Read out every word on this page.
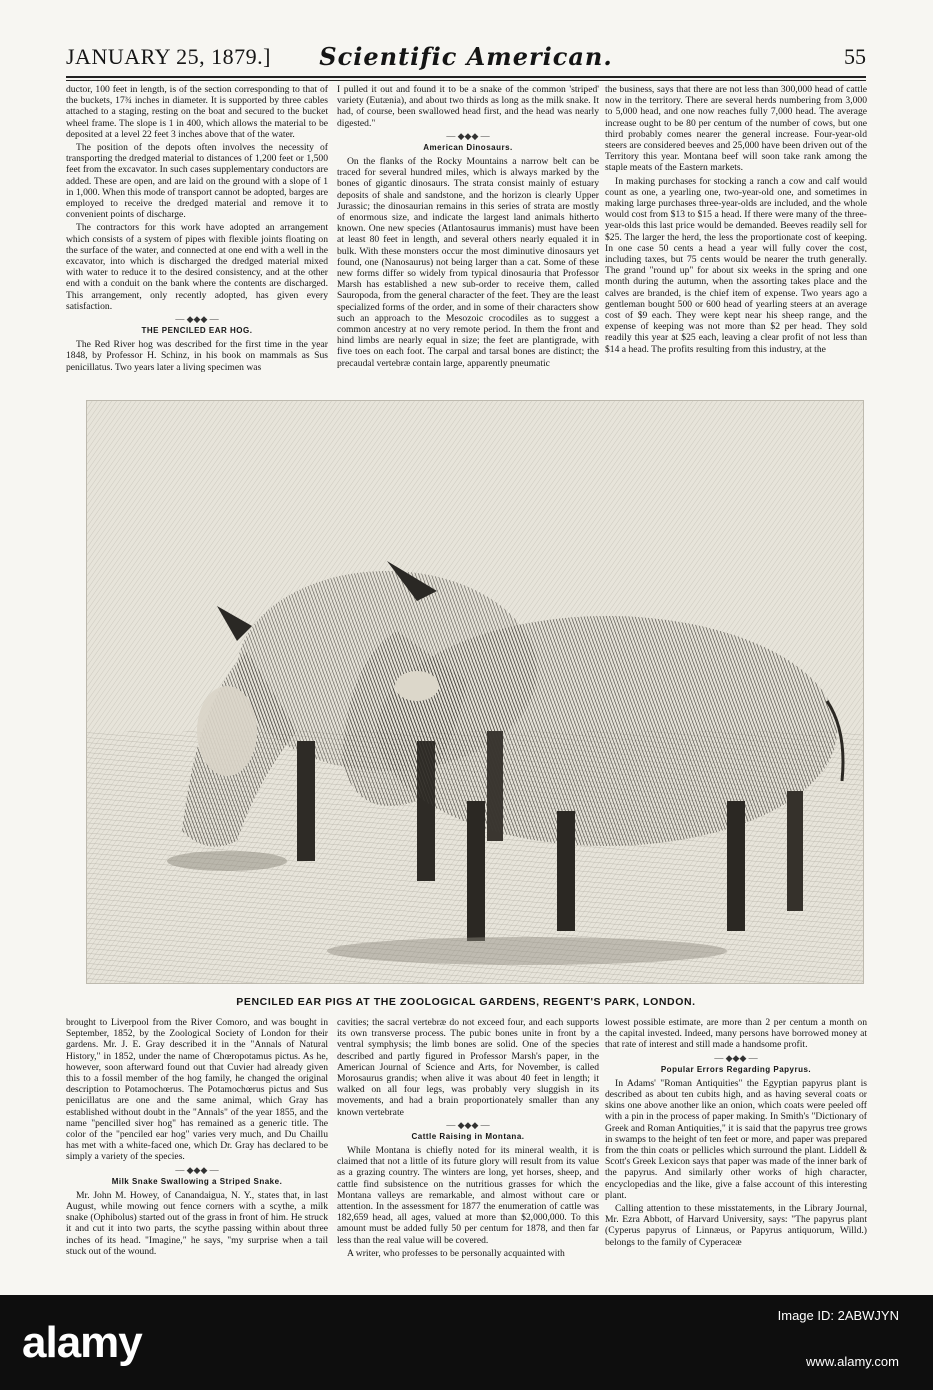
JANUARY 25, 1879.]	Scientific American.	55

ductor, 100 feet in length, is of the section corresponding to that of the buckets, 17¾ inches in diameter. It is supported by three cables attached to a staging, resting on the boat and secured to the bucket wheel frame. The slope is 1 in 400, which allows the material to be deposited at a level 22 feet 3 inches above that of the water.

The position of the depots often involves the necessity of transporting the dredged material to distances of 1,200 feet or 1,500 feet from the excavator. In such cases supplementary conductors are added. These are open, and are laid on the ground with a slope of 1 in 1,000. When this mode of transport cannot be adopted, barges are employed to receive the dredged material and remove it to convenient points of discharge.

The contractors for this work have adopted an arrangement which consists of a system of pipes with flexible joints floating on the surface of the water, and connected at one end with a well in the excavator, into which is discharged the dredged material mixed with water to reduce it to the desired consistency, and at the other end with a conduit on the bank where the contents are discharged. This arrangement, only recently adopted, has given every satisfaction.

— ◆◆◆ —
THE PENCILED EAR HOG.

The Red River hog was described for the first time in the year 1848, by Professor H. Schinz, in his book on mammals as Sus penicillatus. Two years later a living specimen was

I pulled it out and found it to be a snake of the common 'striped' variety (Eutænia), and about two thirds as long as the milk snake. It had, of course, been swallowed head first, and the head was nearly digested."

— ◆◆◆ —
American Dinosaurs.

On the flanks of the Rocky Mountains a narrow belt can be traced for several hundred miles, which is always marked by the bones of gigantic dinosaurs. The strata consist mainly of estuary deposits of shale and sandstone, and the horizon is clearly Upper Jurassic; the dinosaurian remains in this series of strata are mostly of enormous size, and indicate the largest land animals hitherto known. One new species (Atlantosaurus immanis) must have been at least 80 feet in length, and several others nearly equaled it in bulk. With these monsters occur the most diminutive dinosaurs yet found, one (Nanosaurus) not being larger than a cat. Some of these new forms differ so widely from typical dinosauria that Professor Marsh has established a new sub-order to receive them, called Sauropoda, from the general character of the feet. They are the least specialized forms of the order, and in some of their characters show such an approach to the Mesozoic crocodiles as to suggest a common ancestry at no very remote period. In them the front and hind limbs are nearly equal in size; the feet are plantigrade, with five toes on each foot. The carpal and tarsal bones are distinct; the precaudal vertebræ contain large, apparently pneumatic

the business, says that there are not less than 300,000 head of cattle now in the territory. There are several herds numbering from 3,000 to 5,000 head, and one now reaches fully 7,000 head. The average increase ought to be 80 per centum of the number of cows, but one third probably comes nearer the general increase. Four-year-old steers are considered beeves and 25,000 have been driven out of the Territory this year. Montana beef will soon take rank among the staple meats of the Eastern markets.

In making purchases for stocking a ranch a cow and calf would count as one, a yearling one, two-year-old one, and sometimes in making large purchases three-year-olds are included, and the whole would cost from $13 to $15 a head. If there were many of the three-year-olds this last price would be demanded. Beeves readily sell for $25. The larger the herd, the less the proportionate cost of keeping. In one case 50 cents a head a year will fully cover the cost, including taxes, but 75 cents would be nearer the truth generally. The grand "round up" for about six weeks in the spring and one month during the autumn, when the assorting takes place and the calves are branded, is the chief item of expense. Two years ago a gentleman bought 500 or 600 head of yearling steers at an average cost of $9 each. They were kept near his sheep range, and the expense of keeping was not more than $2 per head. They sold readily this year at $25 each, leaving a clear profit of not less than $14 a head. The profits resulting from this industry, at the

PENCILED EAR PIGS AT THE ZOOLOGICAL GARDENS, REGENT'S PARK, LONDON.

brought to Liverpool from the River Comoro, and was bought in September, 1852, by the Zoological Society of London for their gardens. Mr. J. E. Gray described it in the "Annals of Natural History," in 1852, under the name of Chœropotamus pictus. As he, however, soon afterward found out that Cuvier had already given this to a fossil member of the hog family, he changed the original description to Potamochœrus. The Potamochœrus pictus and Sus penicillatus are one and the same animal, which Gray has established without doubt in the "Annals" of the year 1855, and the name "pencilled siver hog" has remained as a generic title. The color of the "penciled ear hog" varies very much, and Du Chaillu has met with a white-faced one, which Dr. Gray has declared to be simply a variety of the species.

— ◆◆◆ —
Milk Snake Swallowing a Striped Snake.

Mr. John M. Howey, of Canandaigua, N. Y., states that, in last August, while mowing out fence corners with a scythe, a milk snake (Ophibolus) started out of the grass in front of him. He struck it and cut it into two parts, the scythe passing within about three inches of its head. "Imagine," he says, "my surprise when a tail stuck out of the wound.

cavities; the sacral vertebræ do not exceed four, and each supports its own transverse process. The pubic bones unite in front by a ventral symphysis; the limb bones are solid. One of the species described and partly figured in Professor Marsh's paper, in the American Journal of Science and Arts, for November, is called Morosaurus grandis; when alive it was about 40 feet in length; it walked on all four legs, was probably very sluggish in its movements, and had a brain proportionately smaller than any known vertebrate

— ◆◆◆ —
Cattle Raising in Montana.

While Montana is chiefly noted for its mineral wealth, it is claimed that not a little of its future glory will result from its value as a grazing country. The winters are long, yet horses, sheep, and cattle find subsistence on the nutritious grasses for which the Montana valleys are remarkable, and almost without care or attention. In the assessment for 1877 the enumeration of cattle was 182,659 head, all ages, valued at more than $2,000,000. To this amount must be added fully 50 per centum for 1878, and then far less than the real value will be covered.

A writer, who professes to be personally acquainted with

lowest possible estimate, are more than 2 per centum a month on the capital invested. Indeed, many persons have borrowed money at that rate of interest and still made a handsome profit.

— ◆◆◆ —
Popular Errors Regarding Papyrus.

In Adams' "Roman Antiquities" the Egyptian papyrus plant is described as about ten cubits high, and as having several coats or skins one above another like an onion, which coats were peeled off with a pin in the process of paper making. In Smith's "Dictionary of Greek and Roman Antiquities," it is said that the papyrus tree grows in swamps to the height of ten feet or more, and paper was prepared from the thin coats or pellicles which surround the plant. Liddell & Scott's Greek Lexicon says that paper was made of the inner bark of the papyrus. And similarly other works of high character, encyclopedias and the like, give a false account of this interesting plant.

Calling attention to these misstatements, in the Library Journal, Mr. Ezra Abbott, of Harvard University, says: "The papyrus plant (Cyperus papyrus of Linnæus, or Papyrus antiquorum, Willd.) belongs to the family of Cyperaceæ

alamy
Image ID: 2ABWJYN
www.alamy.com
